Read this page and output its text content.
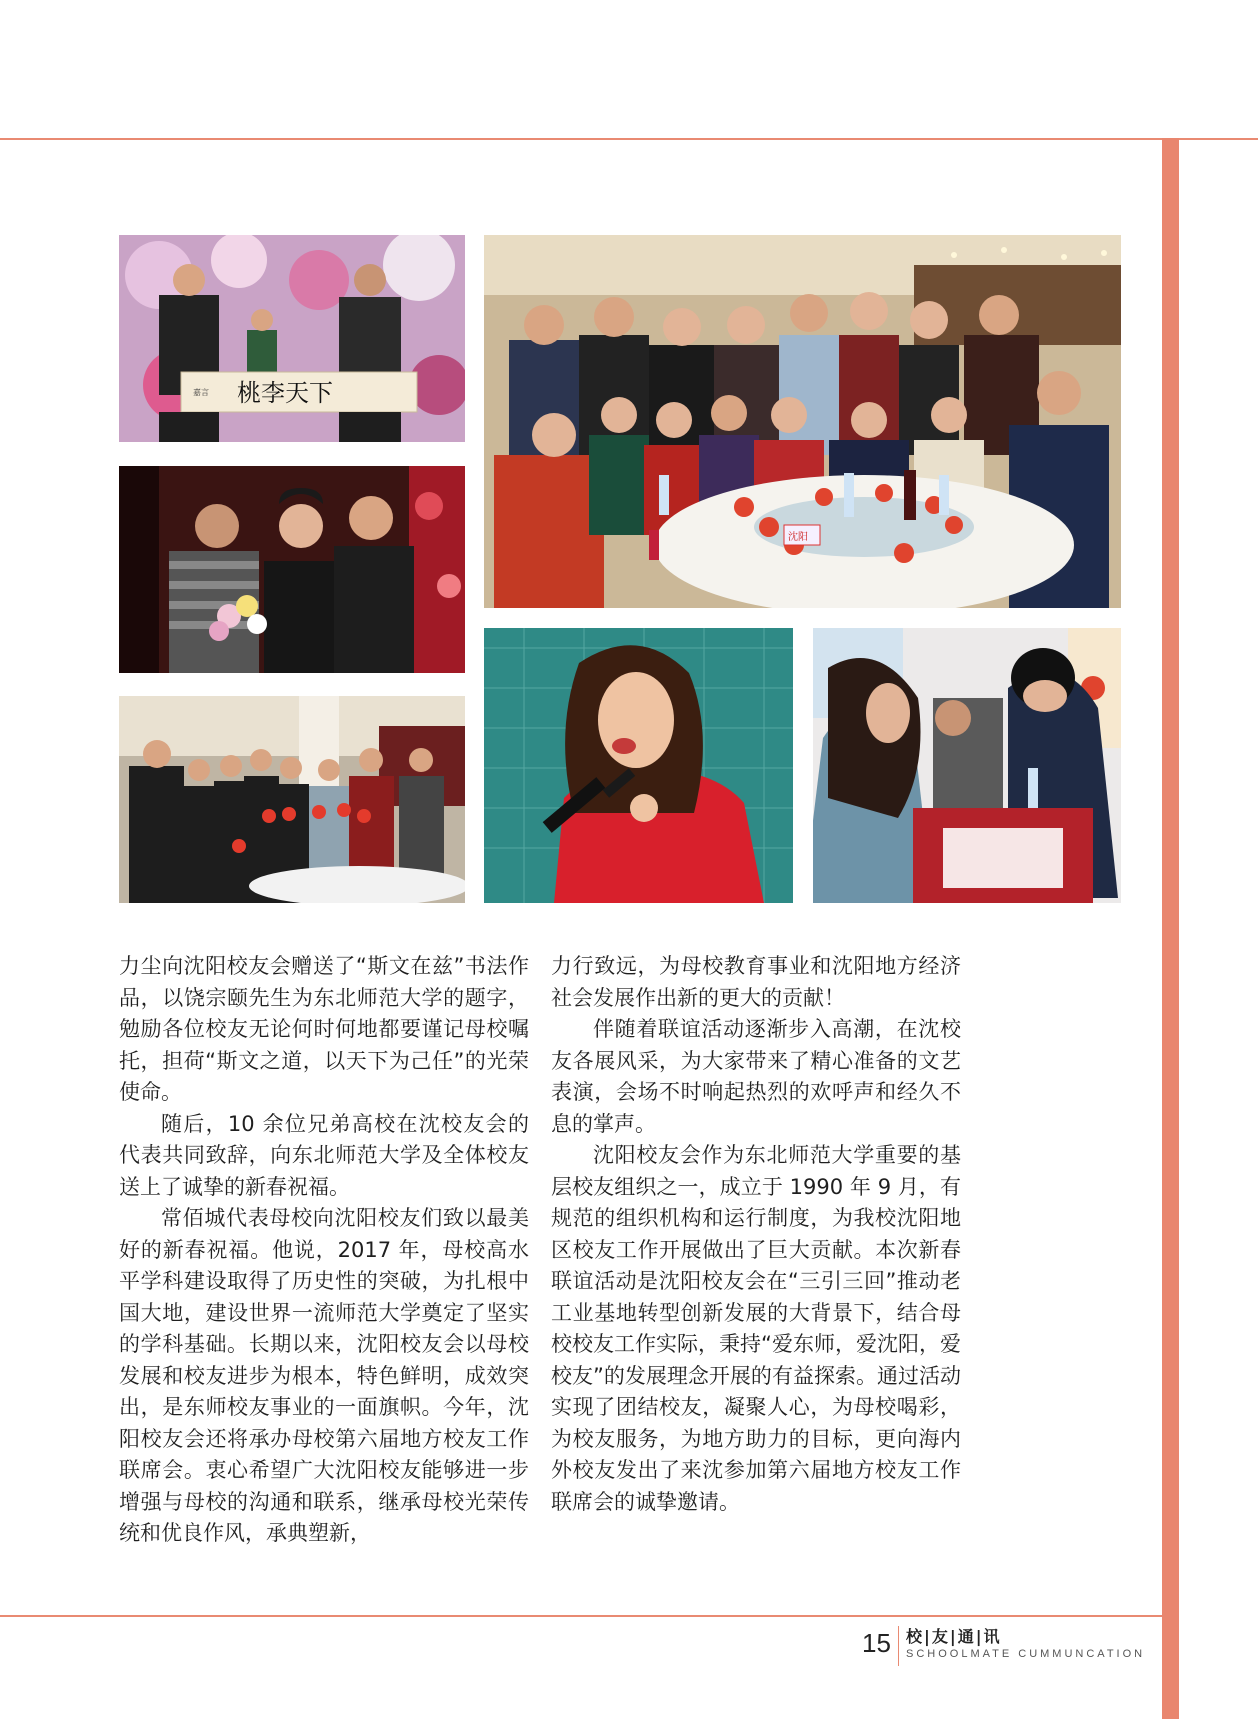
桃李天下
嘉言
沈阳

力尘向沈阳校友会赠送了“斯文在兹”书法作品，以饶宗颐先生为东北师范大学的题字，勉励各位校友无论何时何地都要谨记母校嘱托，担荷“斯文之道，以天下为己任”的光荣使命。

随后，10 余位兄弟高校在沈校友会的代表共同致辞，向东北师范大学及全体校友送上了诚挚的新春祝福。

常佰城代表母校向沈阳校友们致以最美好的新春祝福。他说，2017 年，母校高水平学科建设取得了历史性的突破，为扎根中国大地，建设世界一流师范大学奠定了坚实的学科基础。长期以来，沈阳校友会以母校发展和校友进步为根本，特色鲜明，成效突出，是东师校友事业的一面旗帜。今年，沈阳校友会还将承办母校第六届地方校友工作联席会。衷心希望广大沈阳校友能够进一步增强与母校的沟通和联系，继承母校光荣传统和优良作风，承典塑新，

力行致远，为母校教育事业和沈阳地方经济社会发展作出新的更大的贡献！

伴随着联谊活动逐渐步入高潮，在沈校友各展风采，为大家带来了精心准备的文艺表演，会场不时响起热烈的欢呼声和经久不息的掌声。

沈阳校友会作为东北师范大学重要的基层校友组织之一，成立于 1990 年 9 月，有规范的组织机构和运行制度，为我校沈阳地区校友工作开展做出了巨大贡献。本次新春联谊活动是沈阳校友会在“三引三回”推动老工业基地转型创新发展的大背景下，结合母校校友工作实际，秉持“爱东师，爱沈阳，爱校友”的发展理念开展的有益探索。通过活动实现了团结校友，凝聚人心，为母校喝彩，为校友服务，为地方助力的目标，更向海内外校友发出了来沈参加第六届地方校友工作联席会的诚挚邀请。

15 校|友|通|讯
SCHOOLMATE CUMMUNCATION
